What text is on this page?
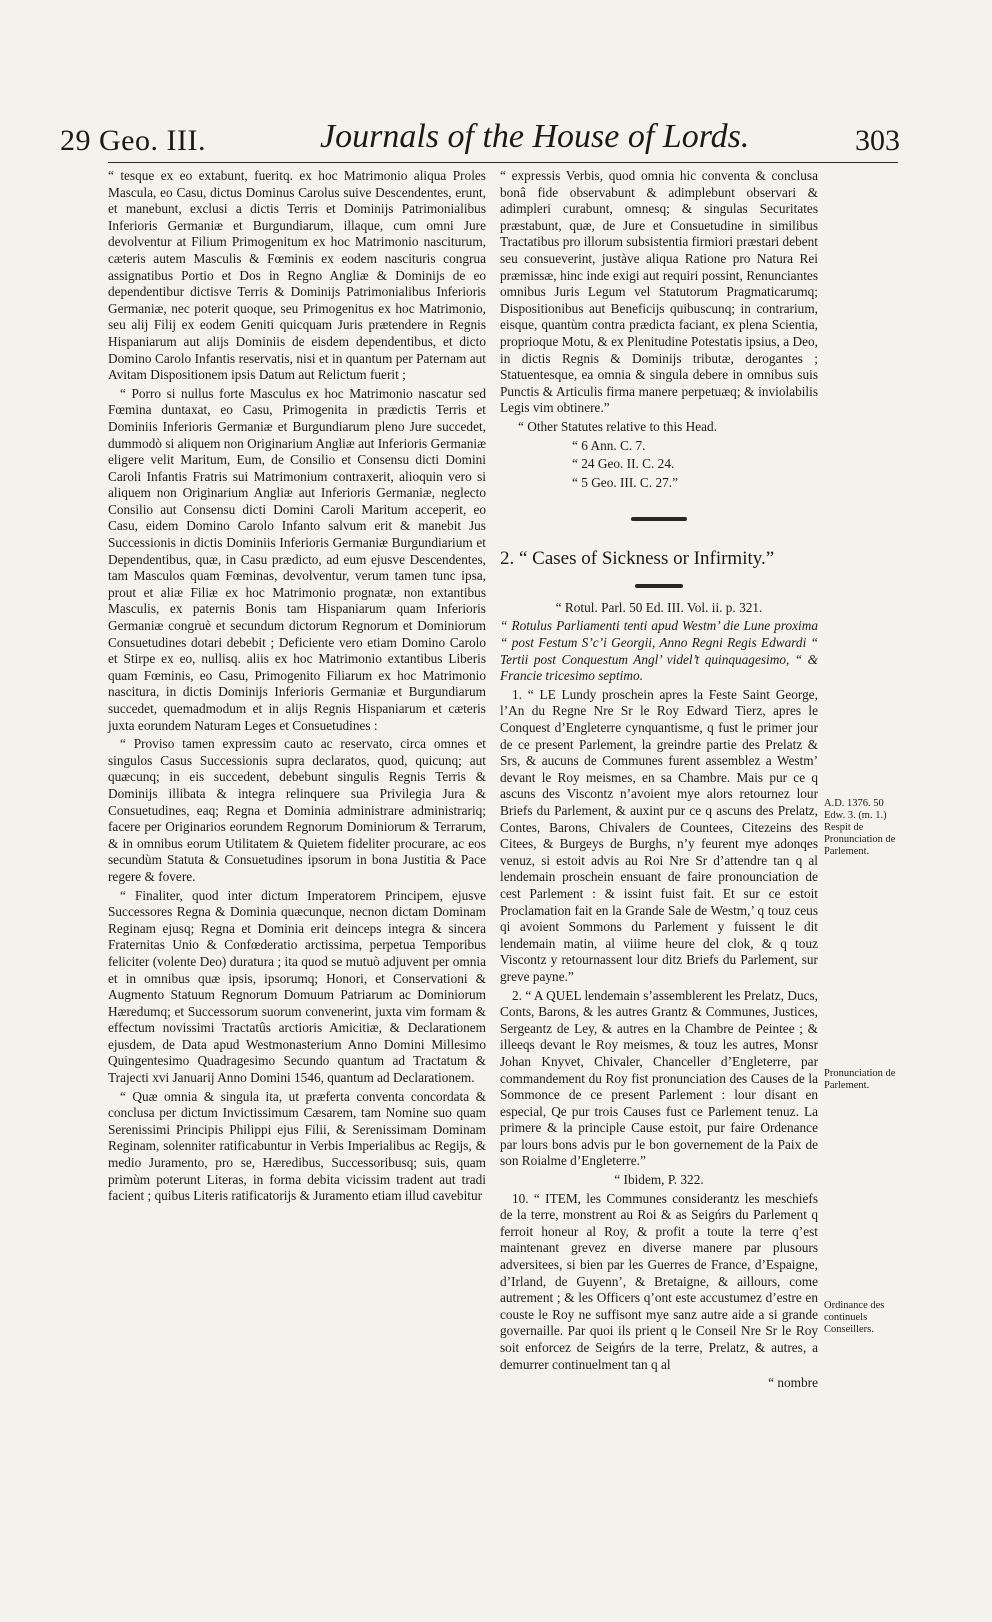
29 Geo. III.	Journals of the House of Lords.	303

“ tesque ex eo extabunt, fueritq. ex hoc Matrimonio aliqua Proles Mascula, eo Casu, dictus Dominus Carolus suive Descendentes, erunt, et manebunt, exclusi a dictis Terris et Dominijs Patrimonialibus Inferioris Germaniæ et Burgundiarum, illaque, cum omni Jure devolventur at Filium Primogenitum ex hoc Matrimonio nasciturum, cæteris autem Masculis & Fœminis ex eodem nascituris congrua assignatibus Portio et Dos in Regno Angliæ & Dominijs de eo dependentibur dictisve Terris & Dominijs Patrimonialibus Inferioris Germaniæ, nec poterit quoque, seu Primogenitus ex hoc Matrimonio, seu alij Filij ex eodem Geniti quicquam Juris prætendere in Regnis Hispaniarum aut alijs Dominiis de eisdem dependentibus, et dicto Domino Carolo Infantis reservatis, nisi et in quantum per Paternam aut Avitam Dispositionem ipsis Datum aut Relictum fuerit ;

“ Porro si nullus forte Masculus ex hoc Matrimonio nascatur sed Fœmina duntaxat, eo Casu, Primogenita in prædictis Terris et Dominiis Inferioris Germaniæ et Burgundiarum pleno Jure succedet, dummodò si aliquem non Originarium Angliæ aut Inferioris Germaniæ eligere velit Maritum, Eum, de Consilio et Consensu dicti Domini Caroli Infantis Fratris sui Matrimonium contraxerit, alioquin vero si aliquem non Originarium Angliæ aut Inferioris Germaniæ, neglecto Consilio aut Consensu dicti Domini Caroli Maritum acceperit, eo Casu, eidem Domino Carolo Infanto salvum erit & manebit Jus Successionis in dictis Dominiis Inferioris Germaniæ Burgundiarium et Dependentibus, quæ, in Casu prædicto, ad eum ejusve Descendentes, tam Masculos quam Fœminas, devolventur, verum tamen tunc ipsa, prout et aliæ Filiæ ex hoc Matrimonio prognatæ, non extantibus Masculis, ex paternis Bonis tam Hispaniarum quam Inferioris Germaniæ congruè et secundum dictorum Regnorum et Dominiorum Consuetudines dotari debebit ; Deficiente vero etiam Domino Carolo et Stirpe ex eo, nullisq. aliis ex hoc Matrimonio extantibus Liberis quam Fœminis, eo Casu, Primogenito Filiarum ex hoc Matrimonio nascitura, in dictis Dominijs Inferioris Germaniæ et Burgundiarum succedet, quemadmodum et in alijs Regnis Hispaniarum et cæteris juxta eorundem Naturam Leges et Consuetudines :

“ Proviso tamen expressim cauto ac reservato, circa omnes et singulos Casus Successionis supra declaratos, quod, quicunq; aut quæcunq; in eis succedent, debebunt singulis Regnis Terris & Dominijs illibata & integra relinquere sua Privilegia Jura & Consuetudines, eaq; Regna et Dominia administrare administrariq; facere per Originarios eorundem Regnorum Dominiorum & Terrarum, & in omnibus eorum Utilitatem & Quietem fideliter procurare, ac eos secundùm Statuta & Consuetudines ipsorum in bona Justitia & Pace regere & fovere.

“ Finaliter, quod inter dictum Imperatorem Principem, ejusve Successores Regna & Dominia quæcunque, necnon dictam Dominam Reginam ejusq; Regna et Dominia erit deinceps integra & sincera Fraternitas Unio & Confœderatio arctissima, perpetua Temporibus feliciter (volente Deo) duratura ; ita quod se mutuò adjuvent per omnia et in omnibus quæ ipsis, ipsorumq; Honori, et Conservationi & Augmento Statuum Regnorum Domuum Patriarum ac Dominiorum Hæredumq; et Successorum suorum convenerint, juxta vim formam & effectum novissimi Tractatûs arctioris Amicitiæ, & Declarationem ejusdem, de Data apud Westmonasterium Anno Domini Millesimo Quingentesimo Quadragesimo Secundo quantum ad Tractatum & Trajecti xvi Januarij Anno Domini 1546, quantum ad Declarationem.

“ Quæ omnia & singula ita, ut præferta conventa concordata & conclusa per dictum Invictissimum Cæsarem, tam Nomine suo quam Serenissimi Principis Philippi ejus Filii, & Serenissimam Dominam Reginam, solenniter ratificabuntur in Verbis Imperialibus ac Regijs, & medio Juramento, pro se, Hæredibus, Successoribusq; suis, quam primùm poterunt Literas, in forma debita vicissim tradent aut tradi facient ; quibus Literis ratificatorijs & Juramento etiam illud cavebitur

“ expressis Verbis, quod omnia hic conventa & conclusa bonâ fide observabunt & adimplebunt observari & adimpleri curabunt, omnesq; & singulas Securitates præstabunt, quæ, de Jure et Consuetudine in similibus Tractatibus pro illorum subsistentia firmiori præstari debent seu consueverint, justàve aliqua Ratione pro Natura Rei præmissæ, hinc inde exigi aut requiri possint, Renunciantes omnibus Juris Legum vel Statutorum Pragmaticarumq; Dispositionibus aut Beneficijs quibuscunq; in contrarium, eisque, quantùm contra prædicta faciant, ex plena Scientia, proprioque Motu, & ex Plenitudine Potestatis ipsius, a Deo, in dictis Regnis & Dominijs tributæ, derogantes ; Statuentesque, ea omnia & singula debere in omnibus suis Punctis & Articulis firma manere perpetuæq; & inviolabilis Legis vim obtinere.”

“ Other Statutes relative to this Head.

“ 6 Ann. C. 7.

“ 24 Geo. II. C. 24.

“ 5 Geo. III. C. 27.”

2. “ Cases of Sickness or Infirmity.”

“ Rotul. Parl. 50 Ed. III. Vol. ii. p. 321.

“ Rotulus Parliamenti tenti apud Westm’ die Lune proxima “ post Festum S’c’i Georgii, Anno Regni Regis Edwardi “ Tertii post Conquestum Angl’ videl’t quinquagesimo, “ & Francie tricesimo septimo.

1. “ LE Lundy proschein apres la Feste Saint George, l’An du Regne Nre Sr le Roy Edward Tierz, apres le Conquest d’Engleterre cynquantisme, q fust le primer jour de ce present Parlement, la greindre partie des Prelatz & Srs, & aucuns de Communes furent assemblez a Westm’ devant le Roy meismes, en sa Chambre. Mais pur ce q ascuns des Viscontz n’avoient mye alors retournez lour Briefs du Parlement, & auxint pur ce q ascuns des Prelatz, Contes, Barons, Chivalers de Countees, Citezeins des Citees, & Burgeys de Burghs, n’y feurent mye adonqes venuz, si estoit advis au Roi Nre Sr d’attendre tan q al lendemain proschein ensuant de faire pronounciation de cest Parlement : & issint fuist fait. Et sur ce estoit Proclamation fait en la Grande Sale de Westm,’ q touz ceus qi avoient Sommons du Parlement y fuissent le dit lendemain matin, al viiime heure del clok, & q touz Viscontz y retournassent lour ditz Briefs du Parlement, sur greve payne.”

2. “ A QUEL lendemain s’assemblerent les Prelatz, Ducs, Conts, Barons, & les autres Grantz & Communes, Justices, Sergeantz de Ley, & autres en la Chambre de Peintee ; & illeeqs devant le Roy meismes, & touz les autres, Monsr Johan Knyvet, Chivaler, Chanceller d’Engleterre, par commandement du Roy fist pronunciation des Causes de la Sommonce de ce present Parlement : lour disant en especial, Qe pur trois Causes fust ce Parlement tenuz. La primere & la principle Cause estoit, pur faire Ordenance par lours bons advis pur le bon governement de la Paix de son Roialme d’Engleterre.”

“ Ibidem, P. 322.

10. “ ITEM, les Communes considerantz les meschiefs de la terre, monstrent au Roi & as Seigńrs du Parlement q ferroit honeur al Roy, & profit a toute la terre q’est maintenant grevez en diverse manere par plusours adversitees, si bien par les Guerres de France, d’Espaigne, d’Irland, de Guyenn’, & Bretaigne, & aillours, come autrement ; & les Officers q’ont este accustumez d’estre en couste le Roy ne suffisont mye sanz autre aide a si grande governaille. Par quoi ils prient q le Conseil Nre Sr le Roy soit enforcez de Seigńrs de la terre, Prelatz, & autres, a demurrer continuelment tan q al

“ nombre

A.D. 1376. 50 Edw. 3. (m. 1.) Respit de Pronunciation de Parlement.
Pronunciation de Parlement.
Ordinance des continuels Conseillers.
